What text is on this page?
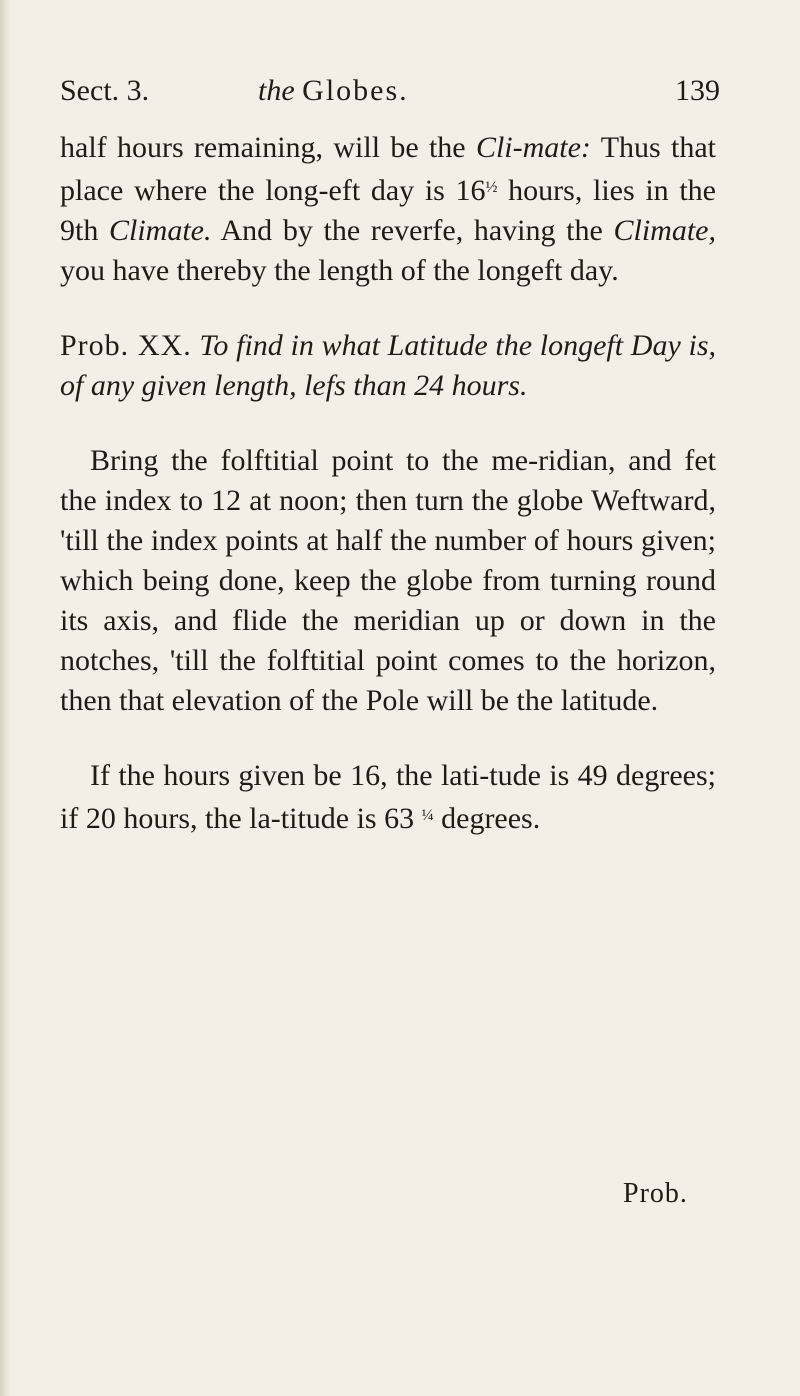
Sect. 3.	the Globes.	139

half hours remaining, will be the Cli-mate: Thus that place where the long-eft day is $16^{\frac{1}{2}}$ hours, lies in the 9th Climate. And by the reverfe, having the Climate, you have thereby the length of the longeft day.

Prob. XX. To find in what Latitude the longeft Day is, of any given length, lefs than 24 hours.

Bring the folftitial point to the me-ridian, and fet the index to 12 at noon; then turn the globe Weftward, 'till the index points at half the number of hours given; which being done, keep the globe from turning round its axis, and flide the meridian up or down in the notches, 'till the folftitial point comes to the horizon, then that elevation of the Pole will be the latitude.

If the hours given be 16, the lati-tude is 49 degrees; if 20 hours, the la-titude is 63 $^{\frac{1}{4}}$ degrees.

Prob.
